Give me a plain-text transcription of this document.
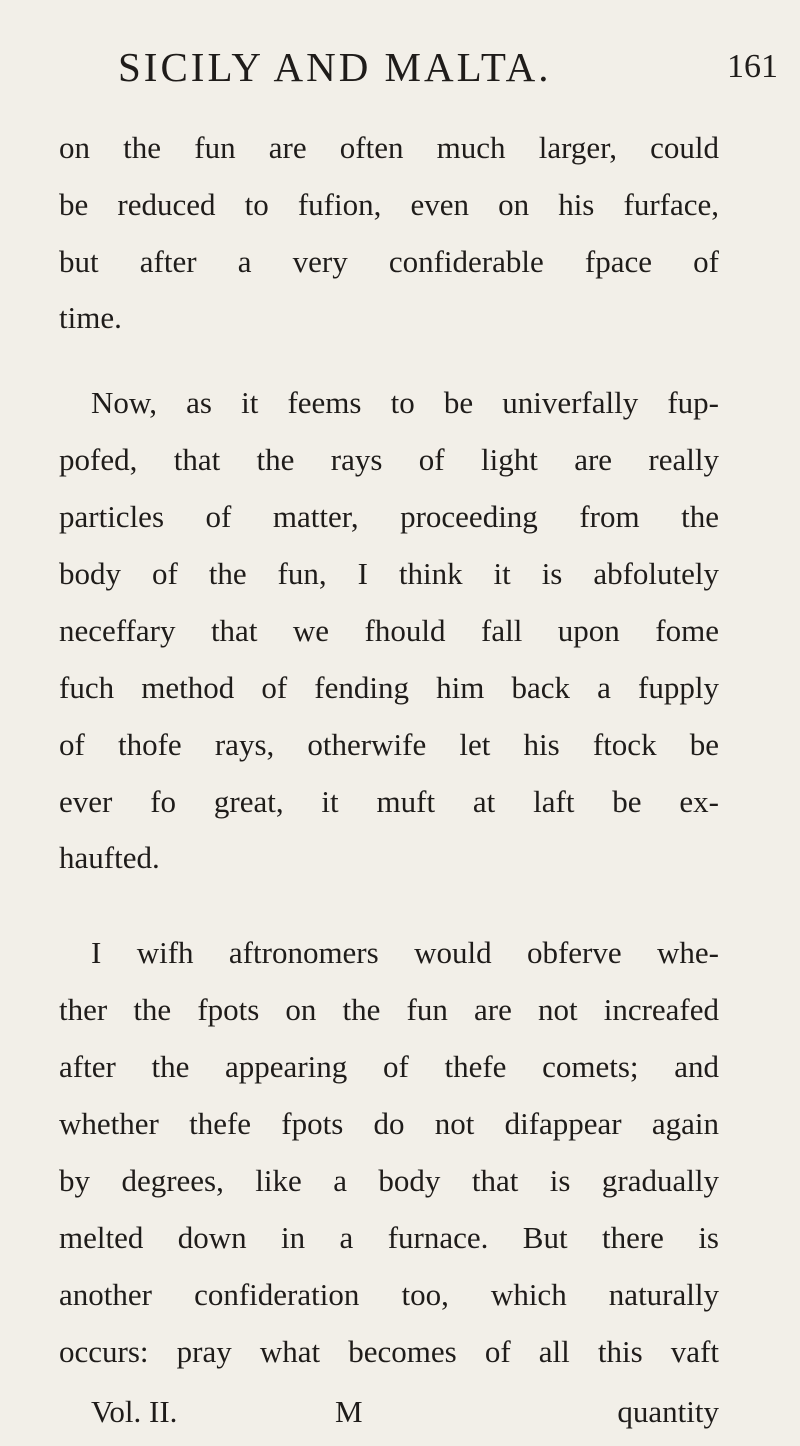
SICILY AND MALTA.	161
on the fun are often much larger, could
be reduced to fufion, even on his furface,
but after a very confiderable fpace of
time.
Now, as it feems to be univerfally fup-
pofed, that the rays of light are really
particles of matter, proceeding from the
body of the fun, I think it is abfolutely
neceffary that we fhould fall upon fome
fuch method of fending him back a fupply
of thofe rays, otherwife let his ftock be
ever fo great, it muft at laft be ex-
haufted.
I wifh aftronomers would obferve whe-
ther the fpots on the fun are not increafed
after the appearing of thefe comets; and
whether thefe fpots do not difappear again
by degrees, like a body that is gradually
melted down in a furnace. But there is
another confideration too, which naturally
occurs: pray what becomes of all this vaft
Vol. II.	M	quantity
